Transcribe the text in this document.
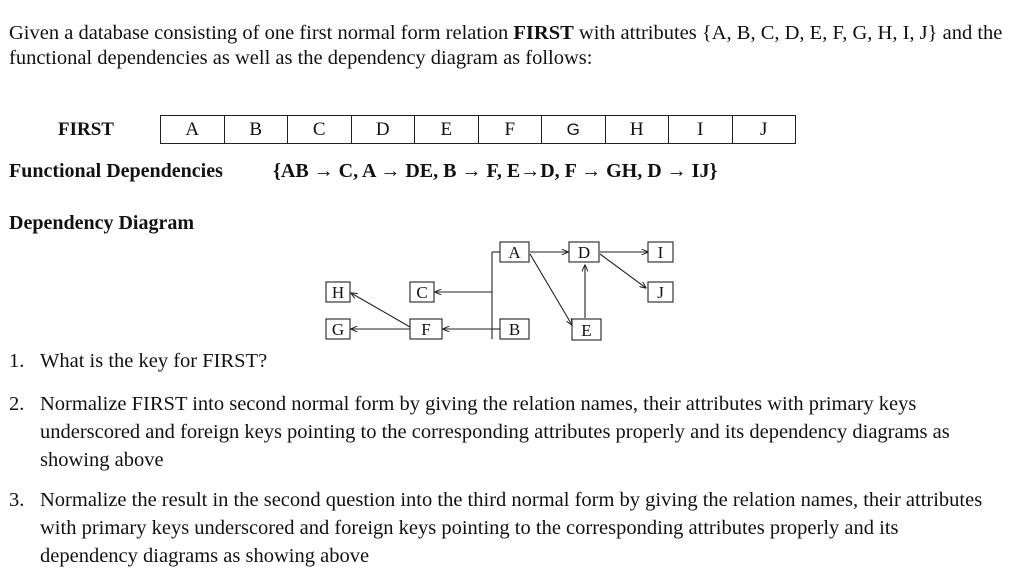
Given a database consisting of one first normal form relation FIRST with attributes {A, B, C, D, E, F, G, H, I, J} and the functional dependencies as well as the dependency diagram as follows:
FIRST	A	B	C	D	E	F	G	H	I	J
Functional Dependencies	{AB → C, A → DE, B → F, E→D, F → GH, D → IJ}
Dependency Diagram
A	D	I
J
H	C
G	F	B	E
1. What is the key for FIRST?
2. Normalize FIRST into second normal form by giving the relation names, their attributes with primary keys underscored and foreign keys pointing to the corresponding attributes properly and its dependency diagrams as showing above
3. Normalize the result in the second question into the third normal form by giving the relation names, their attributes with primary keys underscored and foreign keys pointing to the corresponding attributes properly and its dependency diagrams as showing above
